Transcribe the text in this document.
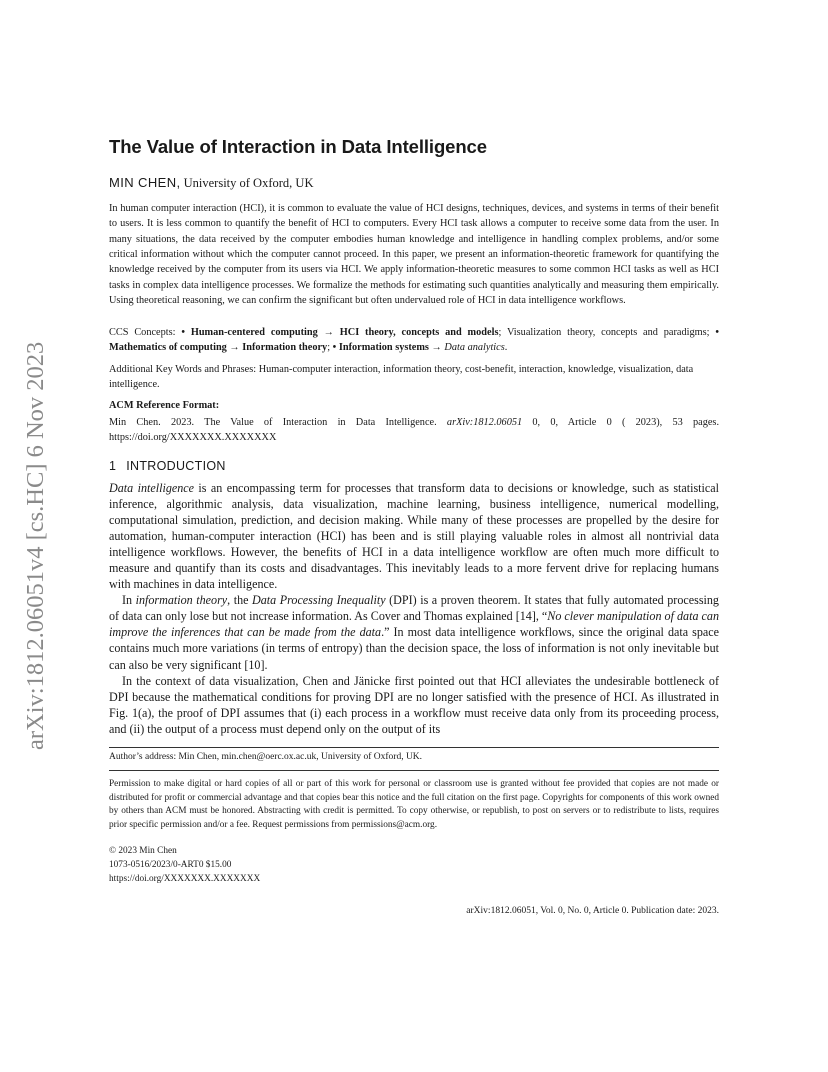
arXiv:1812.06051v4 [cs.HC] 6 Nov 2023
The Value of Interaction in Data Intelligence
MIN CHEN, University of Oxford, UK

In human computer interaction (HCI), it is common to evaluate the value of HCI designs, techniques, devices, and systems in terms of their benefit to users. It is less common to quantify the benefit of HCI to computers. Every HCI task allows a computer to receive some data from the user. In many situations, the data received by the computer embodies human knowledge and intelligence in handling complex problems, and/or some critical information without which the computer cannot proceed. In this paper, we present an information-theoretic framework for quantifying the knowledge received by the computer from its users via HCI. We apply information-theoretic measures to some common HCI tasks as well as HCI tasks in complex data intelligence processes. We formalize the methods for estimating such quantities analytically and measuring them empirically. Using theoretical reasoning, we can confirm the significant but often undervalued role of HCI in data intelligence workflows.

CCS Concepts: • Human-centered computing → HCI theory, concepts and models; Visualization theory, concepts and paradigms; • Mathematics of computing → Information theory; • Information systems → Data analytics.

Additional Key Words and Phrases: Human-computer interaction, information theory, cost-benefit, interaction, knowledge, visualization, data intelligence.

ACM Reference Format:

Min Chen. 2023. The Value of Interaction in Data Intelligence. arXiv:1812.06051 0, 0, Article 0 ( 2023), 53 pages. https://doi.org/XXXXXXX.XXXXXXX

1 INTRODUCTION

Data intelligence is an encompassing term for processes that transform data to decisions or knowledge, such as statistical inference, algorithmic analysis, data visualization, machine learning, business intelligence, numerical modelling, computational simulation, prediction, and decision making. While many of these processes are propelled by the desire for automation, human-computer interaction (HCI) has been and is still playing valuable roles in almost all nontrivial data intelligence workflows. However, the benefits of HCI in a data intelligence workflow are often much more difficult to measure and quantify than its costs and disadvantages. This inevitably leads to a more fervent drive for replacing humans with machines in data intelligence.

In information theory, the Data Processing Inequality (DPI) is a proven theorem. It states that fully automated processing of data can only lose but not increase information. As Cover and Thomas explained [14], “No clever manipulation of data can improve the inferences that can be made from the data.” In most data intelligence workflows, since the original data space contains much more variations (in terms of entropy) than the decision space, the loss of information is not only inevitable but can also be very significant [10].

In the context of data visualization, Chen and Jänicke first pointed out that HCI alleviates the undesirable bottleneck of DPI because the mathematical conditions for proving DPI are no longer satisfied with the presence of HCI. As illustrated in Fig. 1(a), the proof of DPI assumes that (i) each process in a workflow must receive data only from its proceeding process, and (ii) the output of a process must depend only on the output of its

Author’s address: Min Chen, min.chen@oerc.ox.ac.uk, University of Oxford, UK.

Permission to make digital or hard copies of all or part of this work for personal or classroom use is granted without fee provided that copies are not made or distributed for profit or commercial advantage and that copies bear this notice and the full citation on the first page. Copyrights for components of this work owned by others than ACM must be honored. Abstracting with credit is permitted. To copy otherwise, or republish, to post on servers or to redistribute to lists, requires prior specific permission and/or a fee. Request permissions from permissions@acm.org.

© 2023 Min Chen
1073-0516/2023/0-ART0 $15.00
https://doi.org/XXXXXXX.XXXXXXX
arXiv:1812.06051, Vol. 0, No. 0, Article 0. Publication date: 2023.
